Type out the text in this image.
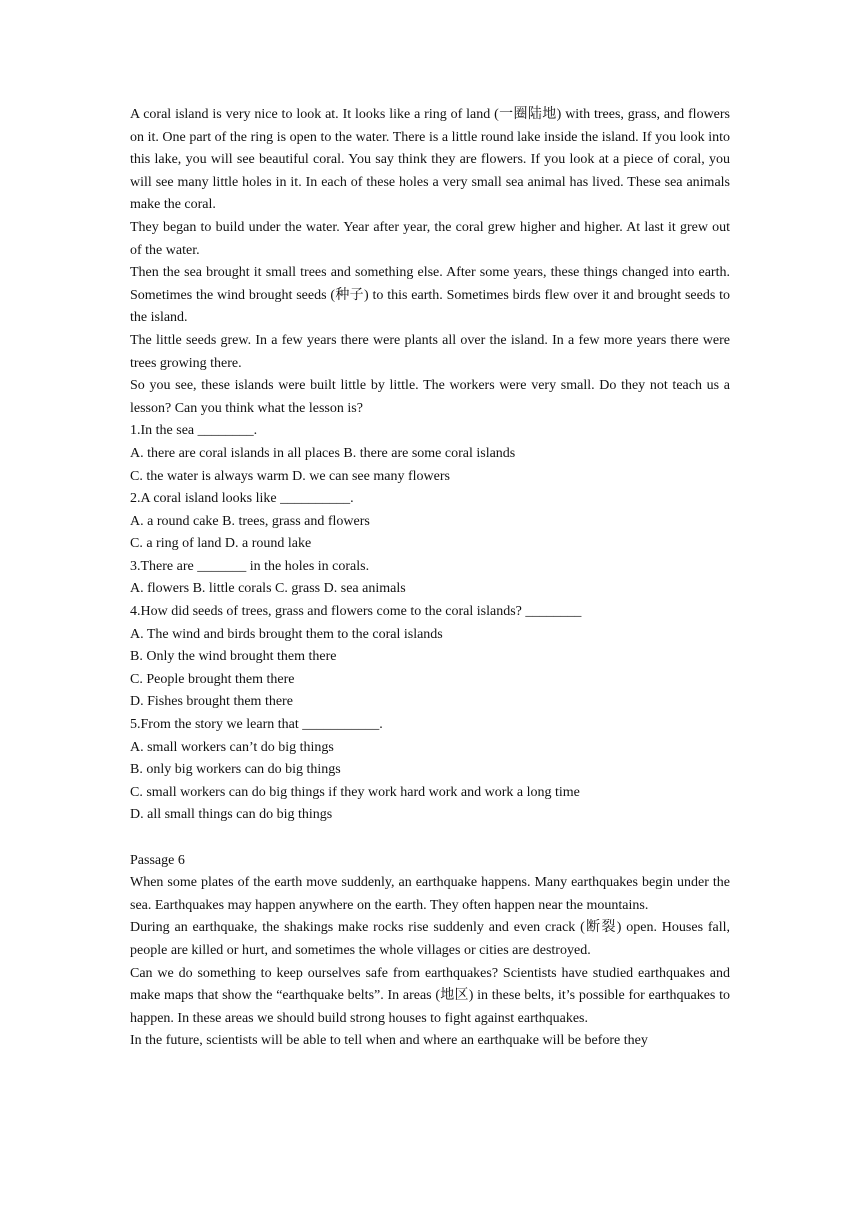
A coral island is very nice to look at. It looks like a ring of land (一圈陆地) with trees, grass, and flowers on it. One part of the ring is open to the water. There is a little round lake inside the island. If you look into this lake, you will see beautiful coral. You say think they are flowers. If you look at a piece of coral, you will see many little holes in it. In each of these holes a very small sea animal has lived. These sea animals make the coral.

They began to build under the water. Year after year, the coral grew higher and higher. At last it grew out of the water.

Then the sea brought it small trees and something else. After some years, these things changed into earth. Sometimes the wind brought seeds (种子) to this earth. Sometimes birds flew over it and brought seeds to the island.

The little seeds grew. In a few years there were plants all over the island. In a few more years there were trees growing there.

So you see, these islands were built little by little. The workers were very small. Do they not teach us a lesson? Can you think what the lesson is?

1.In the sea ________.

A. there are coral islands in all places B. there are some coral islands

C. the water is always warm D. we can see many flowers

2.A coral island looks like __________.

A. a round cake B. trees, grass and flowers

C. a ring of land D. a round lake

3.There are _______ in the holes in corals.

A. flowers B. little corals C. grass D. sea animals

4.How did seeds of trees, grass and flowers come to the coral islands? ________

A. The wind and birds brought them to the coral islands

B. Only the wind brought them there

C. People brought them there

D. Fishes brought them there

5.From the story we learn that ___________.

A. small workers can’t do big things

B. only big workers can do big things

C. small workers can do big things if they work hard work and work a long time

D. all small things can do big things

Passage 6

When some plates of the earth move suddenly, an earthquake happens. Many earthquakes begin under the sea. Earthquakes may happen anywhere on the earth. They often happen near the mountains.

During an earthquake, the shakings make rocks rise suddenly and even crack (断裂) open. Houses fall, people are killed or hurt, and sometimes the whole villages or cities are destroyed.

Can we do something to keep ourselves safe from earthquakes? Scientists have studied earthquakes and make maps that show the “earthquake belts”. In areas (地区) in these belts, it’s possible for earthquakes to happen. In these areas we should build strong houses to fight against earthquakes.

In the future, scientists will be able to tell when and where an earthquake will be before they
